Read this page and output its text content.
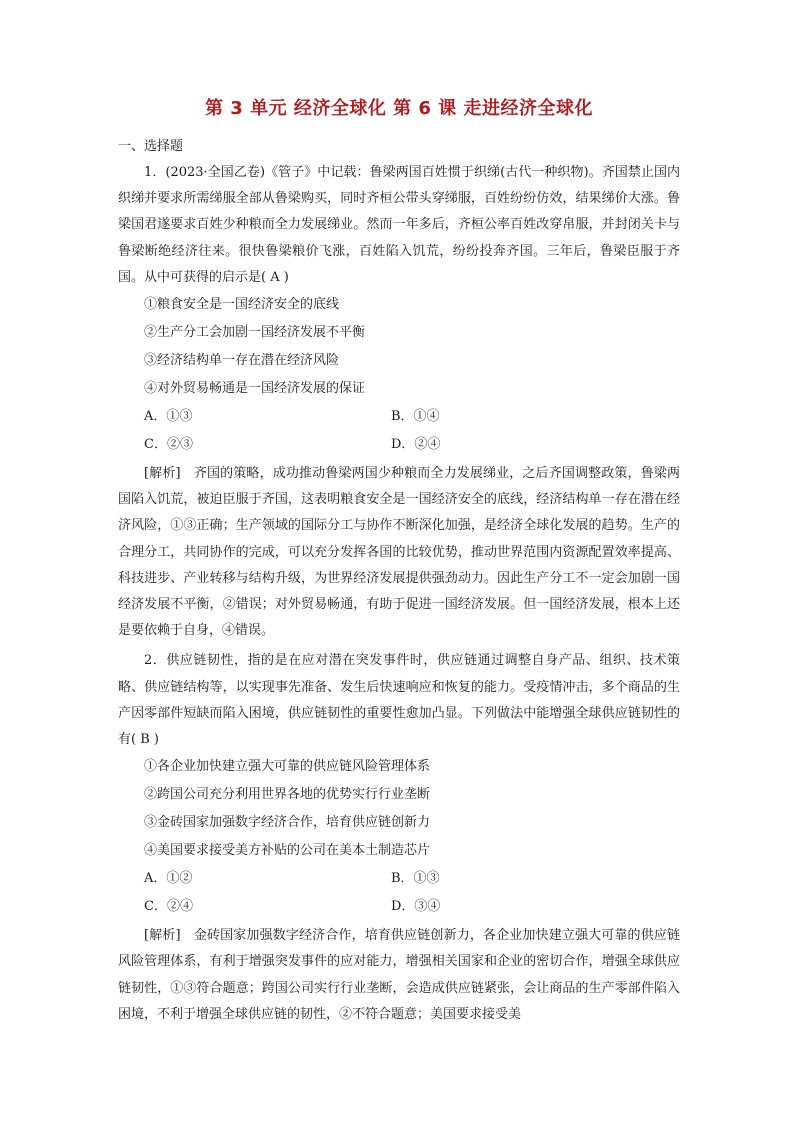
第 3 单元 经济全球化 第 6 课 走进经济全球化

一、选择题

1．(2023·全国乙卷)《管子》中记载：鲁梁两国百姓惯于织绨(古代一种织物)。齐国禁止国内织绨并要求所需绨服全部从鲁梁购买，同时齐桓公带头穿绨服，百姓纷纷仿效，结果绨价大涨。鲁梁国君遂要求百姓少种粮而全力发展绨业。然而一年多后，齐桓公率百姓改穿帛服，并封闭关卡与鲁梁断绝经济往来。很快鲁梁粮价飞涨，百姓陷入饥荒，纷纷投奔齐国。三年后，鲁梁臣服于齐国。从中可获得的启示是( A )

①粮食安全是一国经济安全的底线

②生产分工会加剧一国经济发展不平衡

③经济结构单一存在潜在经济风险

④对外贸易畅通是一国经济发展的保证

A．①③	B．①④
C．②③	D．②④

[解析]　齐国的策略，成功推动鲁梁两国少种粮而全力发展绨业，之后齐国调整政策，鲁梁两国陷入饥荒，被迫臣服于齐国，这表明粮食安全是一国经济安全的底线，经济结构单一存在潜在经济风险，①③正确；生产领域的国际分工与协作不断深化加强，是经济全球化发展的趋势。生产的合理分工，共同协作的完成，可以充分发挥各国的比较优势，推动世界范围内资源配置效率提高、科技进步、产业转移与结构升级，为世界经济发展提供强劲动力。因此生产分工不一定会加剧一国经济发展不平衡，②错误；对外贸易畅通，有助于促进一国经济发展。但一国经济发展，根本上还是要依赖于自身，④错误。

2．供应链韧性，指的是在应对潜在突发事件时，供应链通过调整自身产品、组织、技术策略、供应链结构等，以实现事先准备、发生后快速响应和恢复的能力。受疫情冲击，多个商品的生产因零部件短缺而陷入困境，供应链韧性的重要性愈加凸显。下列做法中能增强全球供应链韧性的有( B )

①各企业加快建立强大可靠的供应链风险管理体系

②跨国公司充分利用世界各地的优势实行行业垄断

③金砖国家加强数字经济合作，培育供应链创新力

④美国要求接受美方补贴的公司在美本土制造芯片

A．①②	B．①③
C．②④	D．③④

[解析]　金砖国家加强数字经济合作，培育供应链创新力，各企业加快建立强大可靠的供应链风险管理体系，有利于增强突发事件的应对能力，增强相关国家和企业的密切合作，增强全球供应链韧性，①③符合题意；跨国公司实行行业垄断，会造成供应链紧张，会让商品的生产零部件陷入困境，不利于增强全球供应链的韧性，②不符合题意；美国要求接受美
